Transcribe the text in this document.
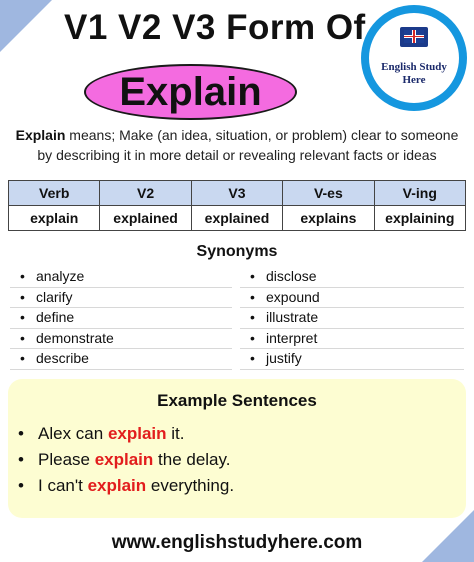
V1 V2 V3 Form Of
Explain
English Study
Here
Explain means; Make (an idea, situation, or problem) clear to someone by describing it in more detail or revealing relevant facts or ideas
Verb	V2	V3	V-es	V-ing
explain	explained	explained	explains	explaining
Synonyms
• analyze
• clarify
• define
• demonstrate
• describe
• disclose
• expound
• illustrate
• interpret
• justify
Example Sentences
• Alex can explain it.
• Please explain the delay.
• I can't explain everything.
www.englishstudyhere.com
